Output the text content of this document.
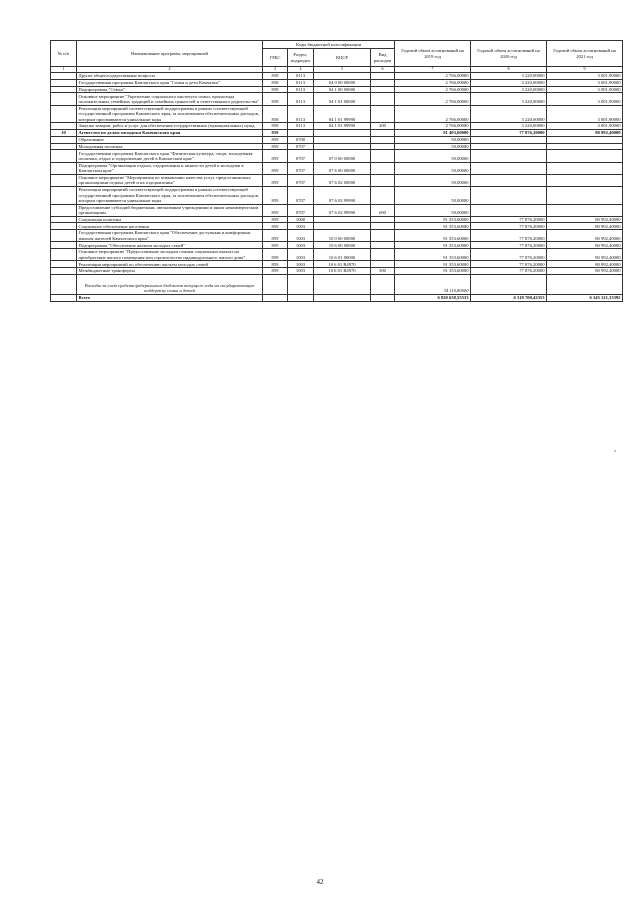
№ п/п	Наименование программ, мероприятий	Коды бюджетной классификации				Годовой объем ассигнований на 2019 год	Годовой объем ассигнований на 2020 год	Годовой объем ассигнований на 2021 год
		ГРБС	Раздел, подраздел	КЦСР	Вид расходов			
1	2	3	4	5	6	7	8	9
	Другие общегосударственные вопросы	858	0113			2 766,00000	3 220,00000	3 001,90000
	Государственная программа Камчатского края "Семья и дети Камчатки"	858	0113	04 0 00 00000		2 766,00000	3 220,00000	3 001,90000
	Подпрограмма "Семья"	858	0113	04 1 00 00000		2 766,00000	3 220,00000	3 001,90000
	Основное мероприятие "Укрепление социального института семьи, пропаганда положительных семейных традиций и семейных ценностей и ответственного родительства"	858	0113	04 1 01 00000		2 766,00000	3 220,00000	3 001,90000
	Реализация мероприятий соответствующей подпрограммы в рамках соответствующей государственной программы Камчатского края, за исключением обеспечительных расходов, которым присваиваются уникальные коды	858	0113	04 1 01 99990		2 766,00000	3 220,00000	3 001,90000
	Закупка товаров, работ и услуг для обеспечения государственных (муниципальных) нужд	858	0113	04 1 01 99990	200	2 766,00000	3 220,00000	3 001,90000
10	Агентство по делам молодежи Камчатского края	859				91 403,60000	77 876,20000	80 992,40000
	Образование	859	0700			50,00000		
	Молодежная политика	859	0707			50,00000		
	Государственная программа Камчатского края "Физическая культура, спорт, молодежная политика, отдых и оздоровление детей в Камчатском крае"	859	0707	07 0 00 00000		50,00000		
	Подпрограмма "Организация отдыха, оздоровления и занятости детей и молодежи в Камчатском крае"	859	0707	07 6 00 00000		50,00000		
	Основное мероприятие "Мероприятия по повышению качества услуг, предоставляемых организациями отдыха детей и их оздоровления"	859	0707	07 6 02 00000		50,00000		
	Реализация мероприятий соответствующей подпрограммы в рамках соответствующей государственной программы Камчатского края, за исключением обеспечительных расходов, которым присваиваются уникальные коды	859	0707	07 6 02 99990		50,00000		
	Предоставление субсидий бюджетным, автономным учреждениям и иным некоммерческим организациям	859	0707	07 6 02 99990	600	50,00000		
	Социальная политика	859	1000			91 353,60000	77 876,20000	80 992,40000
	Социальное обеспечение населения	859	1003			91 353,60000	77 876,20000	80 992,40000
	Государственная программа Камчатского края "Обеспечение доступным и комфортным жильем жителей Камчатского края"	859	1003	10 0 00 00000		91 353,60000	77 876,20000	80 992,40000
	Подпрограмма "Обеспечение жильем молодых семей"	859	1003	10 6 00 00000		91 353,60000	77 876,20000	80 992,40000
	Основное мероприятие "Предоставление молодым семьям социальных выплат на приобретение жилого помещения или строительство индивидуального жилого дома"	859	1003	10 6 01 00000		91 353,60000	77 876,20000	80 992,40000
	Реализация мероприятий по обеспечению жильем молодых семей	859	1003	10 6 01 R4970		91 353,60000	77 876,20000	80 992,40000
	Межбюджетные трансферты	859	1003	10 6 01 R4970	500	91 353,60000	77 876,20000	80 992,40000
	Расходы за счет средств федерального бюджета текущего года на государственную поддержку семьи и детей					34 110,80000		
	Всего					6 820 638,55533	6 318 700,42353	6 343 121,33395
»
42
